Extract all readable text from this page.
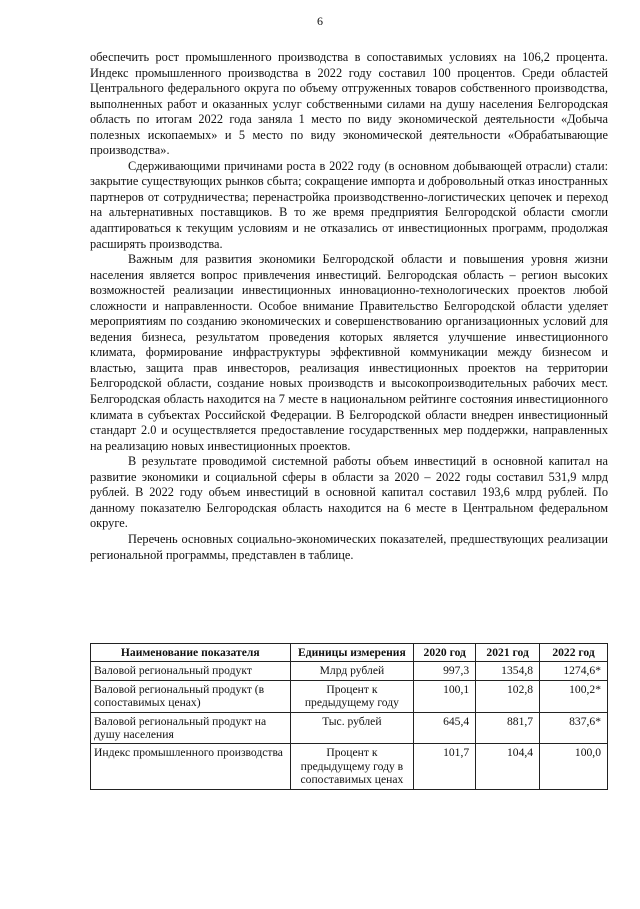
6

обеспечить рост промышленного производства в сопоставимых условиях на 106,2 процента. Индекс промышленного производства в 2022 году составил 100 процентов. Среди областей Центрального федерального округа по объему отгруженных товаров собственного производства, выполненных работ и оказанных услуг собственными силами на душу населения Белгородская область по итогам 2022 года заняла 1 место по виду экономической деятельности «Добыча полезных ископаемых» и 5 место по виду экономической деятельности «Обрабатывающие производства».

Сдерживающими причинами роста в 2022 году (в основном добывающей отрасли) стали: закрытие существующих рынков сбыта; сокращение импорта и добровольный отказ иностранных партнеров от сотрудничества; перенастройка производственно-логистических цепочек и переход на альтернативных поставщиков. В то же время предприятия Белгородской области смогли адаптироваться к текущим условиям и не отказались от инвестиционных программ, продолжая расширять производства.

Важным для развития экономики Белгородской области и повышения уровня жизни населения является вопрос привлечения инвестиций. Белгородская область – регион высоких возможностей реализации инвестиционных инновационно-технологических проектов любой сложности и направленности. Особое внимание Правительство Белгородской области уделяет мероприятиям по созданию экономических и совершенствованию организационных условий для ведения бизнеса, результатом проведения которых является улучшение инвестиционного климата, формирование инфраструктуры эффективной коммуникации между бизнесом и властью, защита прав инвесторов, реализация инвестиционных проектов на территории Белгородской области, создание новых производств и высокопроизводительных рабочих мест. Белгородская область находится на 7 месте в национальном рейтинге состояния инвестиционного климата в субъектах Российской Федерации. В Белгородской области внедрен инвестиционный стандарт 2.0 и осуществляется предоставление государственных мер поддержки, направленных на реализацию новых инвестиционных проектов.

В результате проводимой системной работы объем инвестиций в основной капитал на развитие экономики и социальной сферы в области за 2020 – 2022 годы составил 531,9 млрд рублей. В 2022 году объем инвестиций в основной капитал составил 193,6 млрд рублей. По данному показателю Белгородская область находится на 6 месте в Центральном федеральном округе.

Перечень основных социально-экономических показателей, предшествующих реализации региональной программы, представлен в таблице.

Наименование показателя	Единицы измерения	2020 год	2021 год	2022 год
Валовой региональный продукт	Млрд рублей	997,3	1354,8	1274,6*
Валовой региональный продукт (в сопоставимых ценах)	Процент к предыдущему году	100,1	102,8	100,2*
Валовой региональный продукт на душу населения	Тыс. рублей	645,4	881,7	837,6*
Индекс промышленного производства	Процент к предыдущему году в сопоставимых ценах	101,7	104,4	100,0
